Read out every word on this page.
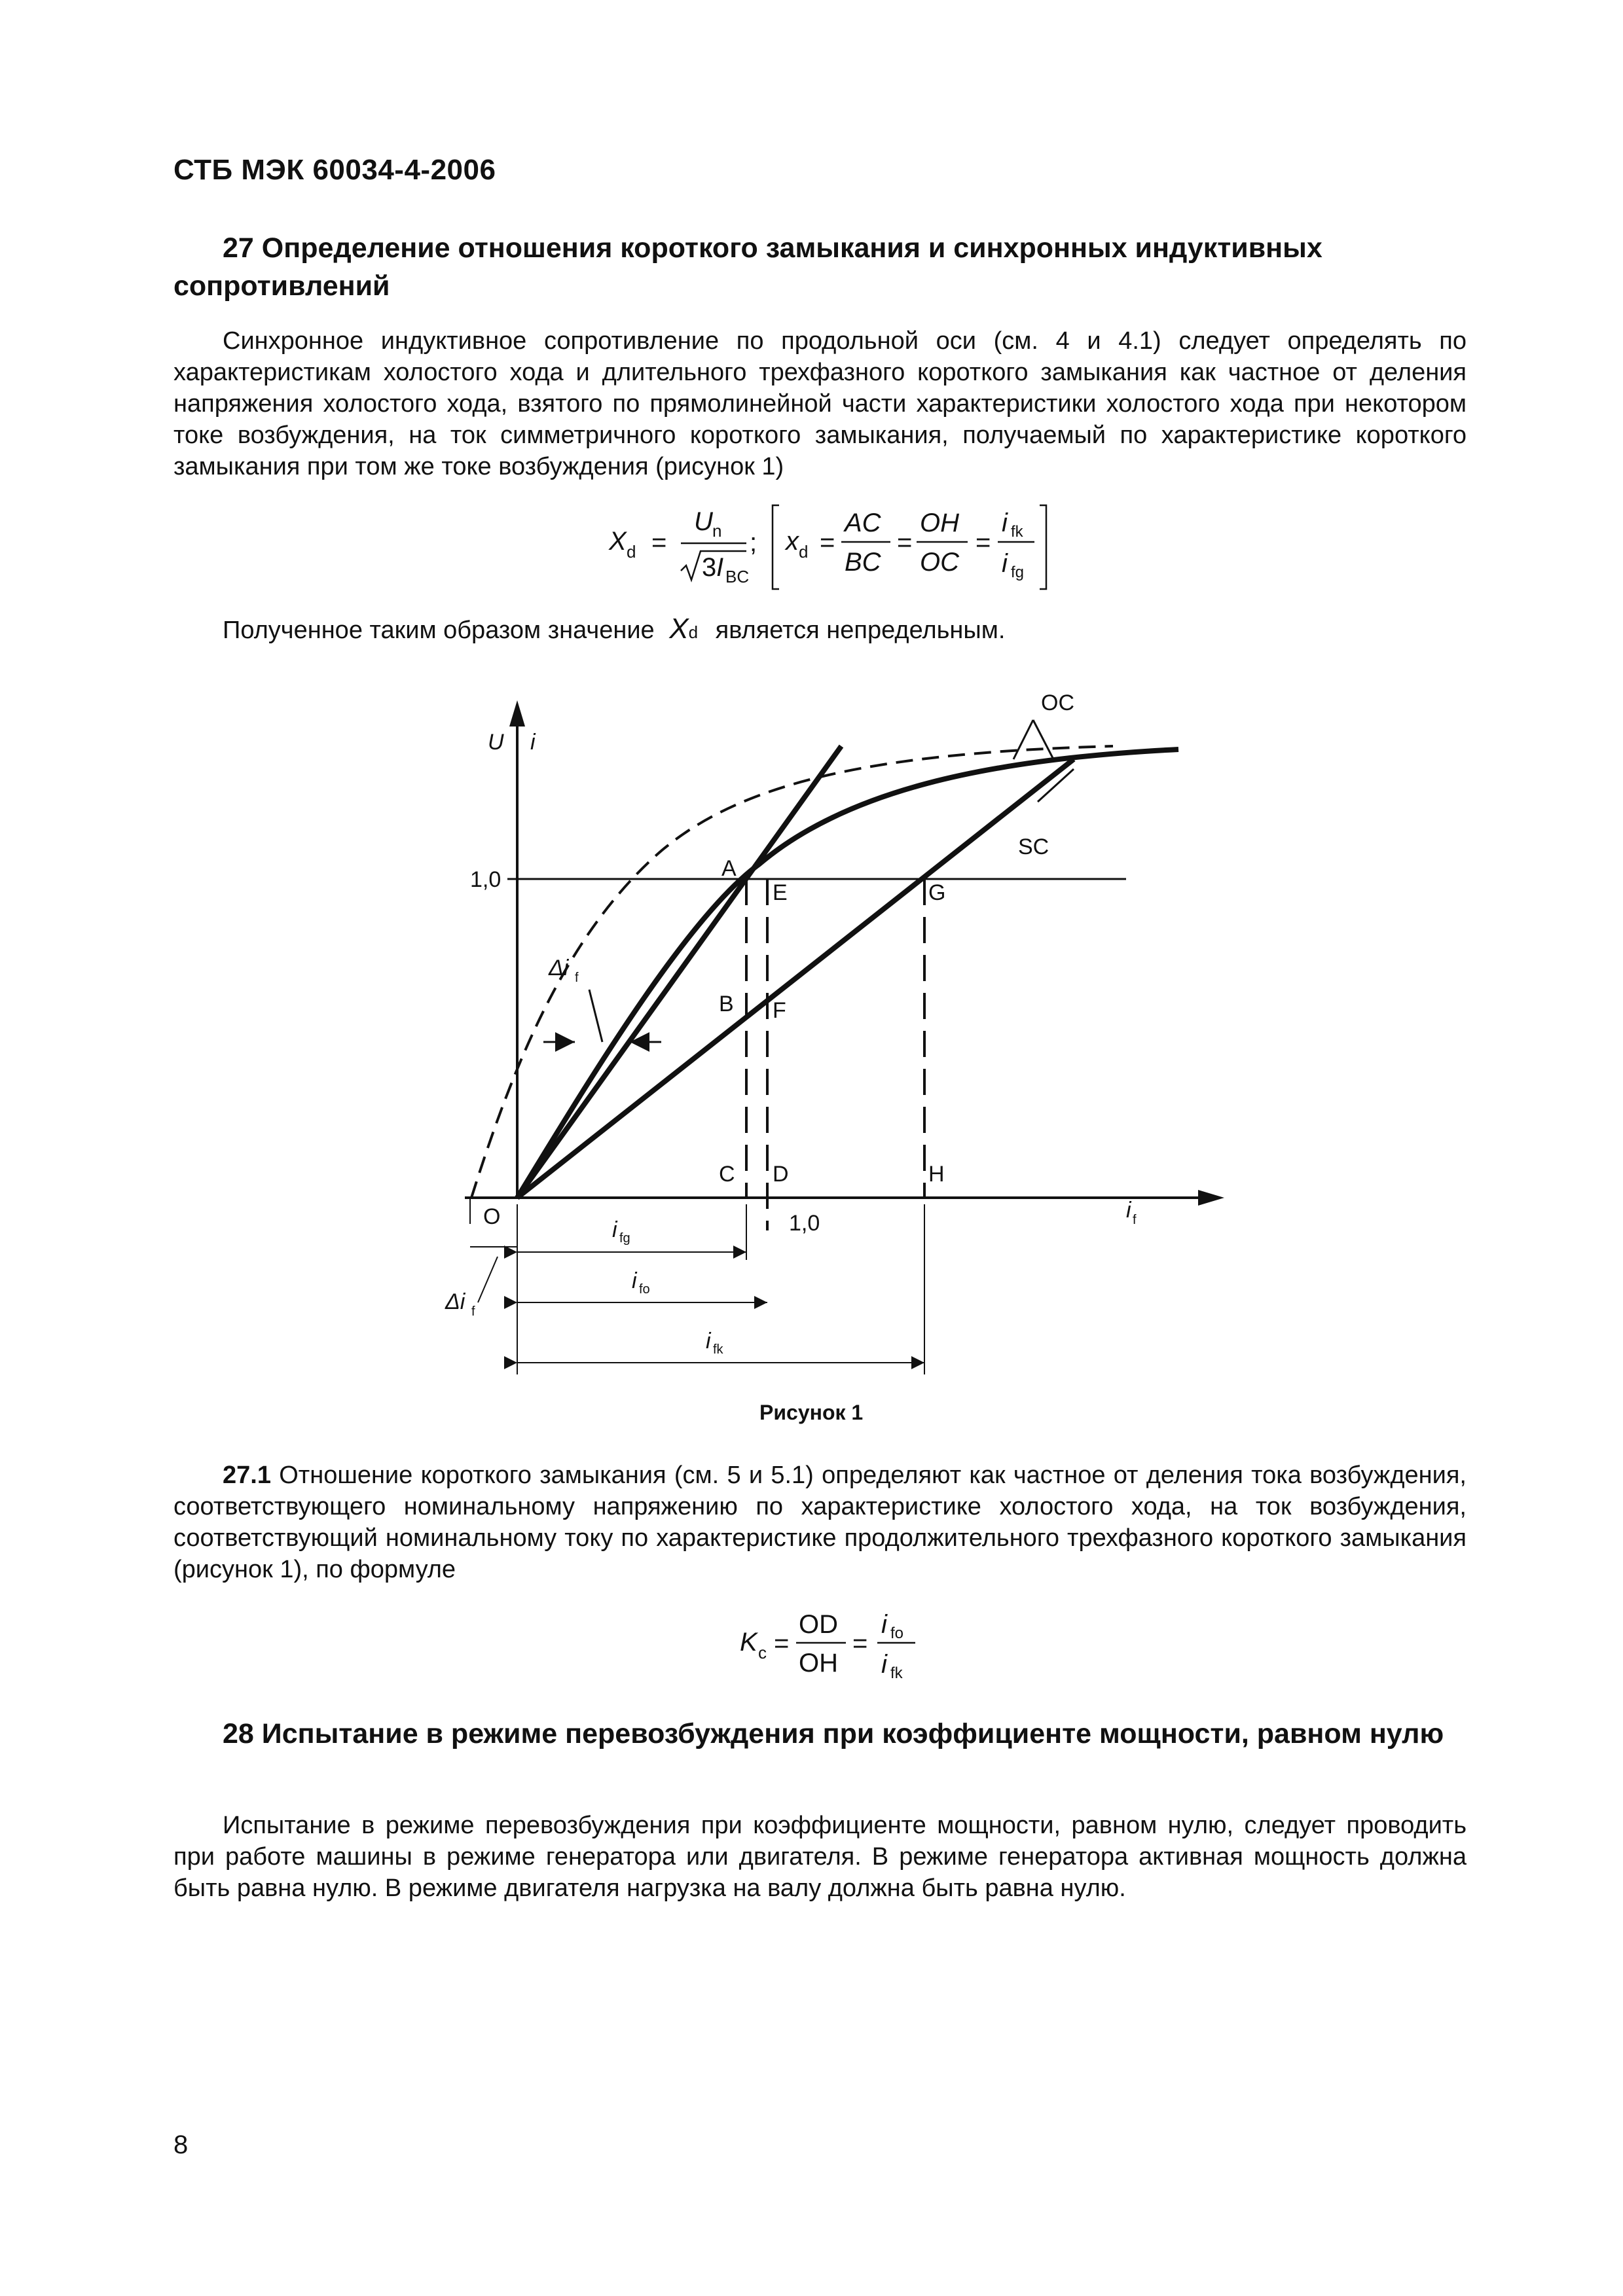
СТБ МЭК 60034-4-2006
27 Определение отношения короткого замыкания и синхронных индуктивных сопротивлений
Синхронное индуктивное сопротивление по продольной оси (см. 4 и 4.1) следует определять по характеристикам холостого хода и длительного трехфазного короткого замыкания как частное от деления напряжения холостого хода, взятого по прямолинейной части характеристики холостого хода при некотором токе возбуждения, на ток симметричного короткого замыкания, получаемый по характеристике короткого замыкания при том же токе возбуждения (рисунок 1)
X d =
U n
3 I BC
; x d =
AC
BC
=
OH
OC
=
i fk
i fg
Полученное таким образом значение Xd является непредельным.
U i
OC
SC
1,0	A
E	G
B F
C D	H
O	1,0
Δi f
Δi f
i f
i fg
i fo
i fk
Рисунок 1
27.1 Отношение короткого замыкания (см. 5 и 5.1) определяют как частное от деления тока возбуждения, соответствующего номинальному напряжению по характеристике холостого хода, на ток возбуждения, соответствующий номинальному току по характеристике продолжительного трехфазного короткого замыкания (рисунок 1), по формуле
K c =
OD
OH
=
i fo
i fk
28 Испытание в режиме перевозбуждения при коэффициенте мощности, равном нулю
Испытание в режиме перевозбуждения при коэффициенте мощности, равном нулю, следует проводить при работе машины в режиме генератора или двигателя. В режиме генератора активная мощность должна быть равна нулю. В режиме двигателя нагрузка на валу должна быть равна нулю.
8
